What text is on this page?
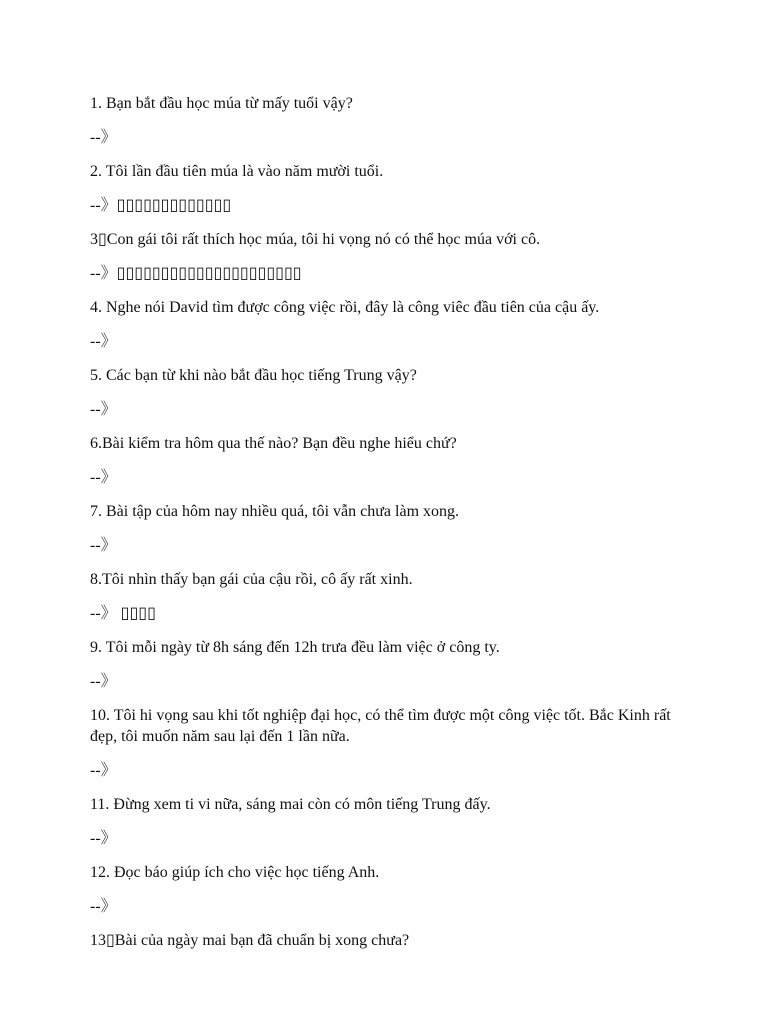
1. Bạn bắt đầu học múa từ mấy tuổi vậy?

--》

2. Tôi lần đầu tiên múa là vào năm mười tuổi.

--》▯▯▯▯▯▯▯▯▯▯▯▯▯

3▯Con gái tôi rất thích học múa, tôi hi vọng nó có thể học múa với cô.

--》▯▯▯▯▯▯▯▯▯▯▯▯▯▯▯▯▯▯▯▯▯

4. Nghe nói David tìm được công việc rồi, đây là công viêc đầu tiên của cậu ấy.

--》

5. Các bạn từ khi nào bắt đầu học tiếng Trung vậy?

--》

6.Bài kiểm tra hôm qua thế nào? Bạn đều nghe hiểu chứ?

--》

7. Bài tập của hôm nay nhiều quá, tôi vẫn chưa làm xong.

--》

8.Tôi nhìn thấy bạn gái của cậu rồi, cô ấy rất xinh.

--》 ▯▯▯▯

9. Tôi mỗi ngày từ 8h sáng đến 12h trưa đều làm việc ở công ty.

--》

10. Tôi hi vọng sau khi tốt nghiệp đại học, có thể tìm được một công việc tốt. Bắc Kinh rất đẹp, tôi muốn năm sau lại đến 1 lần nữa.

--》

11. Đừng xem ti vi nữa, sáng mai còn có môn tiếng Trung đấy.

--》

12. Đọc báo giúp ích cho việc học tiếng Anh.

--》

13▯Bài của ngày mai bạn đã chuẩn bị xong chưa?
